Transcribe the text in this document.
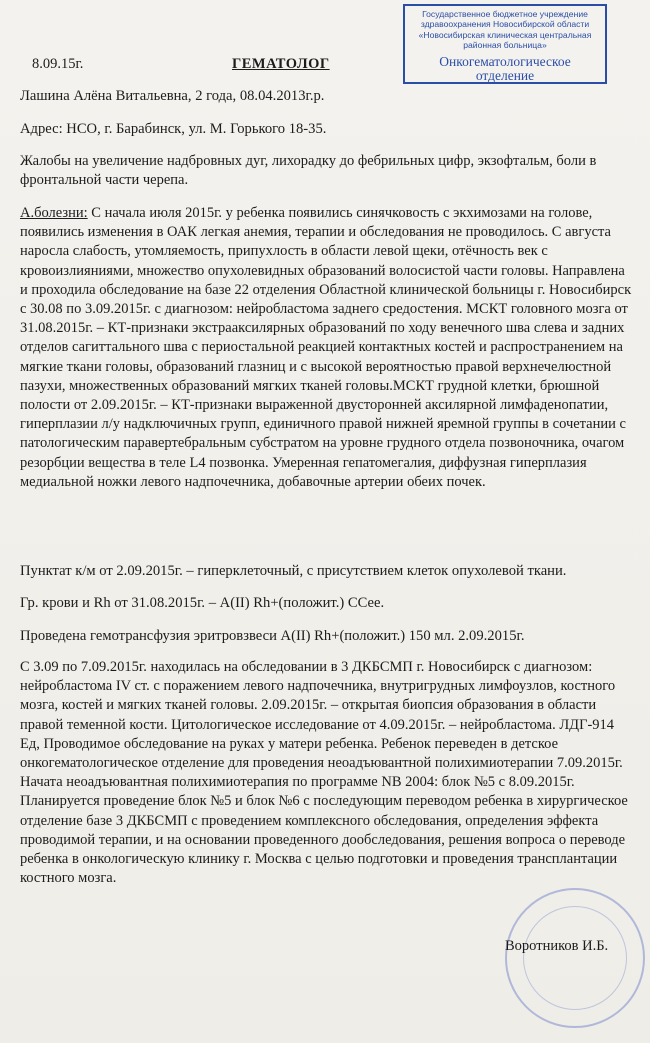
Государственное бюджетное учреждение
здравоохранения Новосибирской области
«Новосибирская клиническая центральная
районная больница»
Онкогематологическое
отделение
8.09.15г.	ГЕМАТОЛОГ
Лашина Алёна Витальевна, 2 года, 08.04.2013г.р.
Адрес: НСО, г. Барабинск, ул. М. Горького 18-35.
Жалобы на увеличение надбровных дуг, лихорадку до фебрильных цифр, экзофтальм, боли в фронтальной части черепа.
А.болезни: С начала июля 2015г. у ребенка появились синячковость с экхимозами на голове, появились изменения в ОАК легкая анемия, терапии и обследования не проводилось. С августа наросла слабость, утомляемость, припухлость в области левой щеки, отёчность век с кровоизлияниями, множество опухолевидных образований волосистой части головы. Направлена и проходила обследование на базе 22 отделения Областной клинической больницы г. Новосибирск с 30.08 по 3.09.2015г. с диагнозом: нейробластома заднего средостения. МСКТ головного мозга от 31.08.2015г. – КТ-признаки экстрааксилярных образований по ходу венечного шва слева и задних отделов сагиттального шва с периостальной реакцией контактных костей и распространением на мягкие ткани головы, образований глазниц и с высокой вероятностью правой верхнечелюстной пазухи, множественных образований мягких тканей головы.МСКТ грудной клетки, брюшной полости от 2.09.2015г. – КТ-признаки выраженной двусторонней аксилярной лимфаденопатии, гиперплазии л/у надключичных групп, единичного правой нижней яремной группы в сочетании с патологическим паравертебральным субстратом на уровне грудного отдела позвоночника, очагом резорбции вещества в теле L4 позвонка. Умеренная гепатомегалия, диффузная гиперплазия медиальной ножки левого надпочечника, добавочные артерии обеих почек.
Пунктат к/м от 2.09.2015г. – гиперклеточный, с присутствием клеток опухолевой ткани.
Гр. крови и Rh от 31.08.2015г. – А(II) Rh+(положит.) ССее.
Проведена гемотрансфузия эритровзвеси А(II) Rh+(положит.) 150 мл. 2.09.2015г.
С 3.09 по 7.09.2015г. находилась на обследовании в 3 ДКБСМП г. Новосибирск с диагнозом: нейробластома IV ст. с поражением левого надпочечника, внутригрудных лимфоузлов, костного мозга, костей и мягких тканей головы. 2.09.2015г. – открытая биопсия образования в области правой теменной кости. Цитологическое исследование от 4.09.2015г. – нейробластома. ЛДГ-914 Ед, Проводимое обследование на руках у матери ребенка. Ребенок переведен в детское онкогематологическое отделение для проведения неоадъювантной полихимиотерапии 7.09.2015г. Начата неоадъювантная полихимиотерапия по программе NB 2004: блок №5 с 8.09.2015г. Планируется проведение блок №5 и блок №6 с последующим переводом ребенка в хирургическое отделение базе 3 ДКБСМП с проведением комплексного обследования, определения эффекта проводимой терапии, и на основании проведенного дообследования, решения вопроса о переводе ребенка в онкологическую клинику г. Москва с целью подготовки и проведения трансплантации костного мозга.
Воротников И.Б.
